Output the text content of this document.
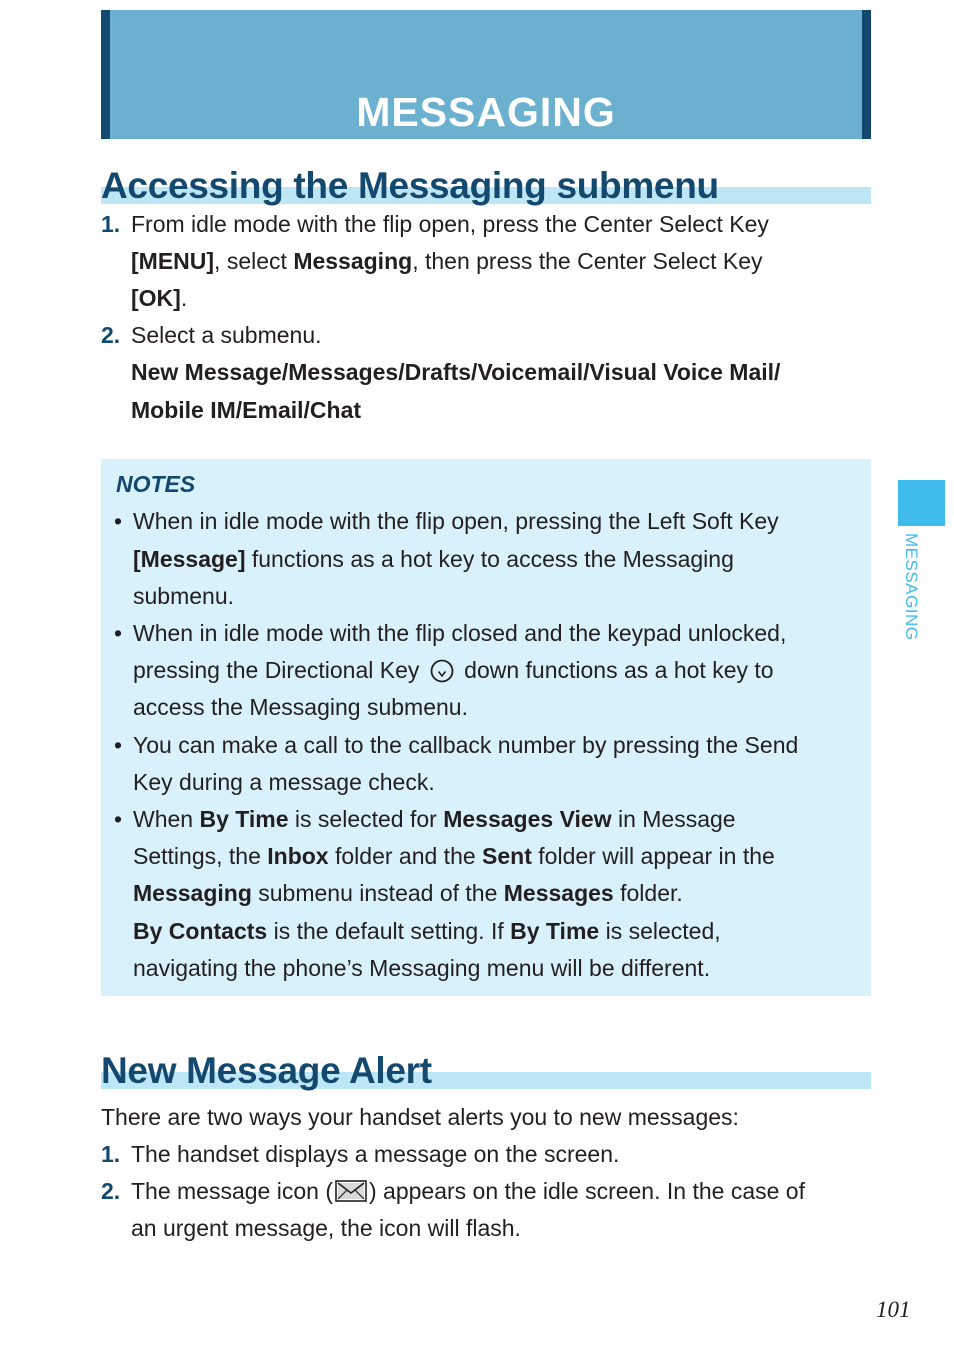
MESSAGING
Accessing the Messaging submenu
1. From idle mode with the flip open, press the Center Select Key
[MENU], select Messaging, then press the Center Select Key
[OK].
2. Select a submenu.
New Message/Messages/Drafts/Voicemail/Visual Voice Mail/
Mobile IM/Email/Chat
NOTES
• When in idle mode with the flip open, pressing the Left Soft Key
[Message] functions as a hot key to access the Messaging
submenu.
• When in idle mode with the flip closed and the keypad unlocked,
pressing the Directional Key  down functions as a hot key to
access the Messaging submenu.
• You can make a call to the callback number by pressing the Send
Key during a message check.
• When By Time is selected for Messages View in Message
Settings, the Inbox folder and the Sent folder will appear in the
Messaging submenu instead of the Messages folder.
By Contacts is the default setting. If By Time is selected,
navigating the phone’s Messaging menu will be different.
New Message Alert
There are two ways your handset alerts you to new messages:
1. The handset displays a message on the screen.
2. The message icon ( ) appears on the idle screen. In the case of
an urgent message, the icon will flash.
MESSAGING
101
